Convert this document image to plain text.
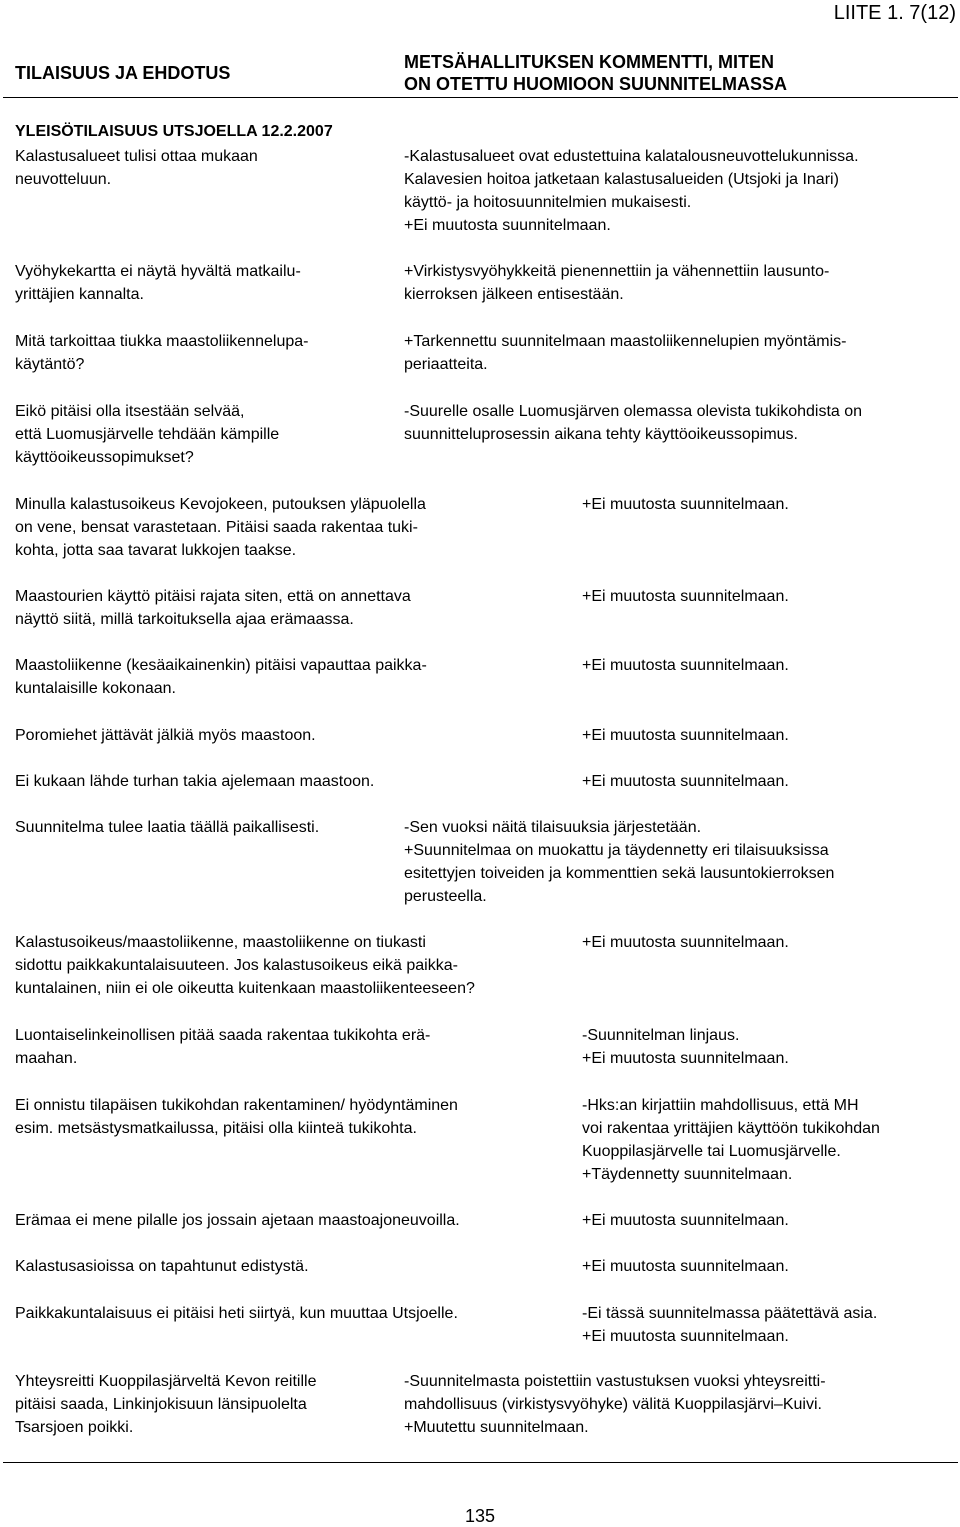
LIITE 1. 7(12)
TILAISUUS JA EHDOTUS
METSÄHALLITUKSEN KOMMENTTI, MITEN
ON OTETTU HUOMIOON SUUNNITELMASSA
YLEISÖTILAISUUS UTSJOELLA 12.2.2007
Kalastusalueet tulisi ottaa mukaan
neuvotteluun.
Vyöhykekartta ei näytä hyvältä matkailu-
yrittäjien kannalta.
Mitä tarkoittaa tiukka maastoliikennelupa-
käytäntö?
Eikö pitäisi olla itsestään selvää,
että Luomusjärvelle tehdään kämpille
käyttöoikeussopimukset?
Minulla kalastusoikeus Kevojokeen, putouksen yläpuolella
on vene, bensat varastetaan. Pitäisi saada rakentaa tuki-
kohta, jotta saa tavarat lukkojen taakse.
Maastourien käyttö pitäisi rajata siten, että on annettava
näyttö siitä, millä tarkoituksella ajaa erämaassa.
Maastoliikenne (kesäaikainenkin) pitäisi vapauttaa paikka-
kuntalaisille kokonaan.
Poromiehet jättävät jälkiä myös maastoon.
Ei kukaan lähde turhan takia ajelemaan maastoon.
Suunnitelma tulee laatia täällä paikallisesti.
Kalastusoikeus/maastoliikenne, maastoliikenne on tiukasti
sidottu paikkakuntalaisuuteen. Jos kalastusoikeus eikä paikka-
kuntalainen, niin ei ole oikeutta kuitenkaan maastoliikenteeseen?
Luontaiselinkeinollisen pitää saada rakentaa tukikohta erä-
maahan.
Ei onnistu tilapäisen tukikohdan rakentaminen/ hyödyntäminen
esim. metsästysmatkailussa, pitäisi olla kiinteä tukikohta.
Erämaa ei mene pilalle jos jossain ajetaan maastoajoneuvoilla.
Kalastusasioissa on tapahtunut edistystä.
Paikkakuntalaisuus ei pitäisi heti siirtyä, kun muuttaa Utsjoelle.
Yhteysreitti Kuoppilasjärveltä Kevon reitille
pitäisi saada, Linkinjokisuun länsipuolelta
Tsarsjoen poikki.
-Kalastusalueet ovat edustettuina kalatalousneuvottelukunnissa.
Kalavesien hoitoa jatketaan kalastusalueiden (Utsjoki ja Inari)
käyttö- ja hoitosuunnitelmien mukaisesti.
+Ei muutosta suunnitelmaan.
+Virkistysvyöhykkeitä pienennettiin ja vähennettiin lausunto-
kierroksen jälkeen entisestään.
+Tarkennettu suunnitelmaan maastoliikennelupien myöntämis-
periaatteita.
-Suurelle osalle Luomusjärven olemassa olevista tukikohdista on
suunnitteluprosessin aikana tehty käyttöoikeussopimus.
+Ei muutosta suunnitelmaan.
+Ei muutosta suunnitelmaan.
+Ei muutosta suunnitelmaan.
+Ei muutosta suunnitelmaan.
+Ei muutosta suunnitelmaan.
-Sen vuoksi näitä tilaisuuksia järjestetään.
+Suunnitelmaa on muokattu ja täydennetty eri tilaisuuksissa
esitettyjen toiveiden ja kommenttien sekä lausuntokierroksen
perusteella.
+Ei muutosta suunnitelmaan.
-Suunnitelman linjaus.
+Ei muutosta suunnitelmaan.
-Hks:an kirjattiin mahdollisuus, että MH
voi rakentaa yrittäjien käyttöön tukikohdan
Kuoppilasjärvelle tai Luomusjärvelle.
+Täydennetty suunnitelmaan.
+Ei muutosta suunnitelmaan.
+Ei muutosta suunnitelmaan.
-Ei tässä suunnitelmassa päätettävä asia.
+Ei muutosta suunnitelmaan.
-Suunnitelmasta poistettiin vastustuksen vuoksi yhteysreitti-
mahdollisuus (virkistysvyöhyke) välitä Kuoppilasjärvi–Kuivi.
+Muutettu suunnitelmaan.
135
